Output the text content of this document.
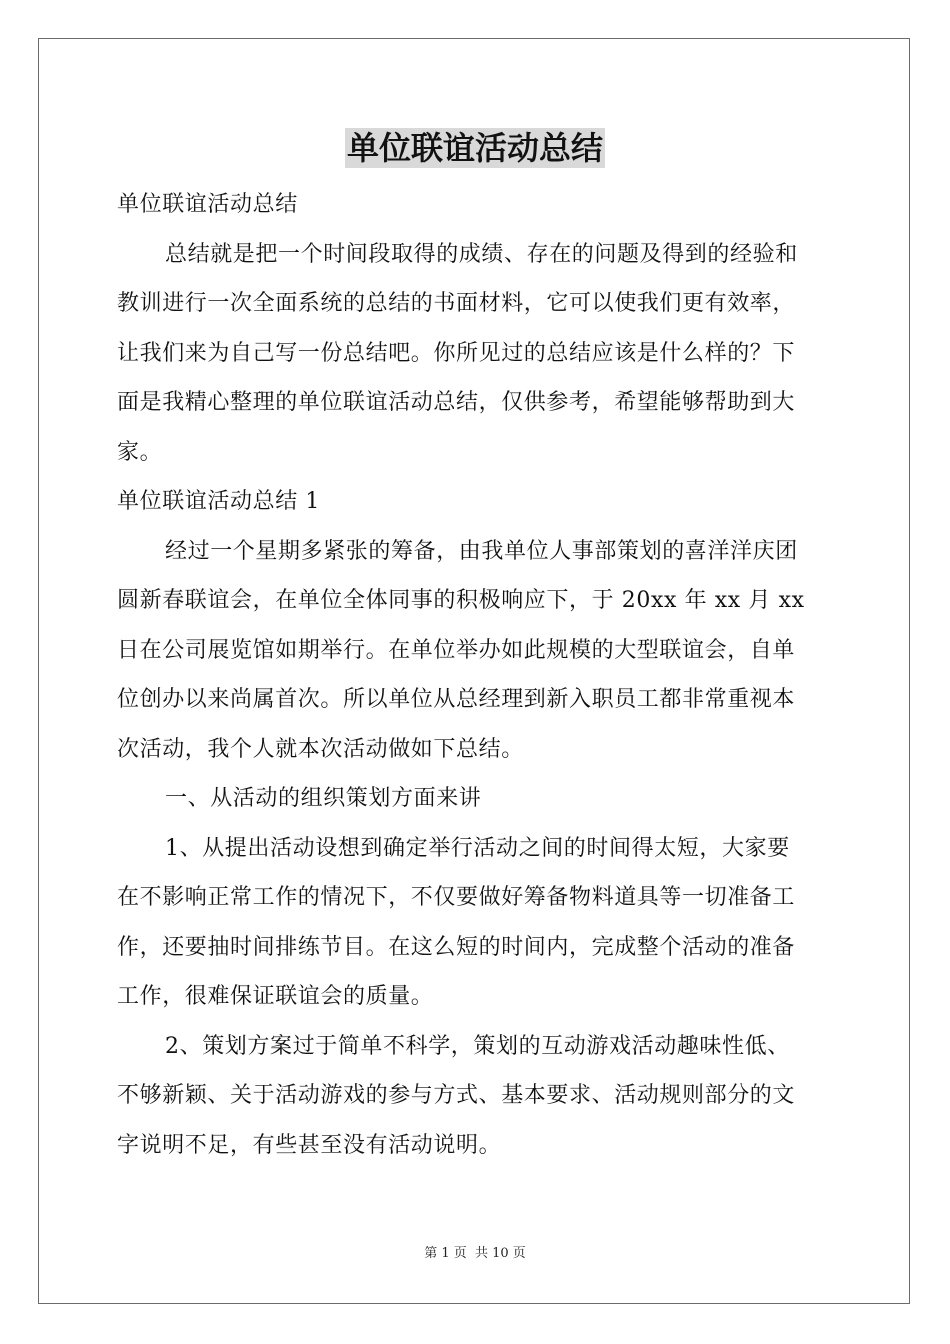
单位联谊活动总结

单位联谊活动总结

总结就是把一个时间段取得的成绩、存在的问题及得到的经验和

教训进行一次全面系统的总结的书面材料，它可以使我们更有效率，

让我们来为自己写一份总结吧。你所见过的总结应该是什么样的？下

面是我精心整理的单位联谊活动总结，仅供参考，希望能够帮助到大

家。

单位联谊活动总结 1

经过一个星期多紧张的筹备，由我单位人事部策划的喜洋洋庆团

圆新春联谊会，在单位全体同事的积极响应下，于 20xx 年 xx 月 xx

日在公司展览馆如期举行。在单位举办如此规模的大型联谊会，自单

位创办以来尚属首次。所以单位从总经理到新入职员工都非常重视本

次活动，我个人就本次活动做如下总结。

一、从活动的组织策划方面来讲

1、从提出活动设想到确定举行活动之间的时间得太短，大家要

在不影响正常工作的情况下，不仅要做好筹备物料道具等一切准备工

作，还要抽时间排练节目。在这么短的时间内，完成整个活动的准备

工作，很难保证联谊会的质量。

2、策划方案过于简单不科学，策划的互动游戏活动趣味性低、

不够新颖、关于活动游戏的参与方式、基本要求、活动规则部分的文

字说明不足，有些甚至没有活动说明。

第 1 页 共 10 页
